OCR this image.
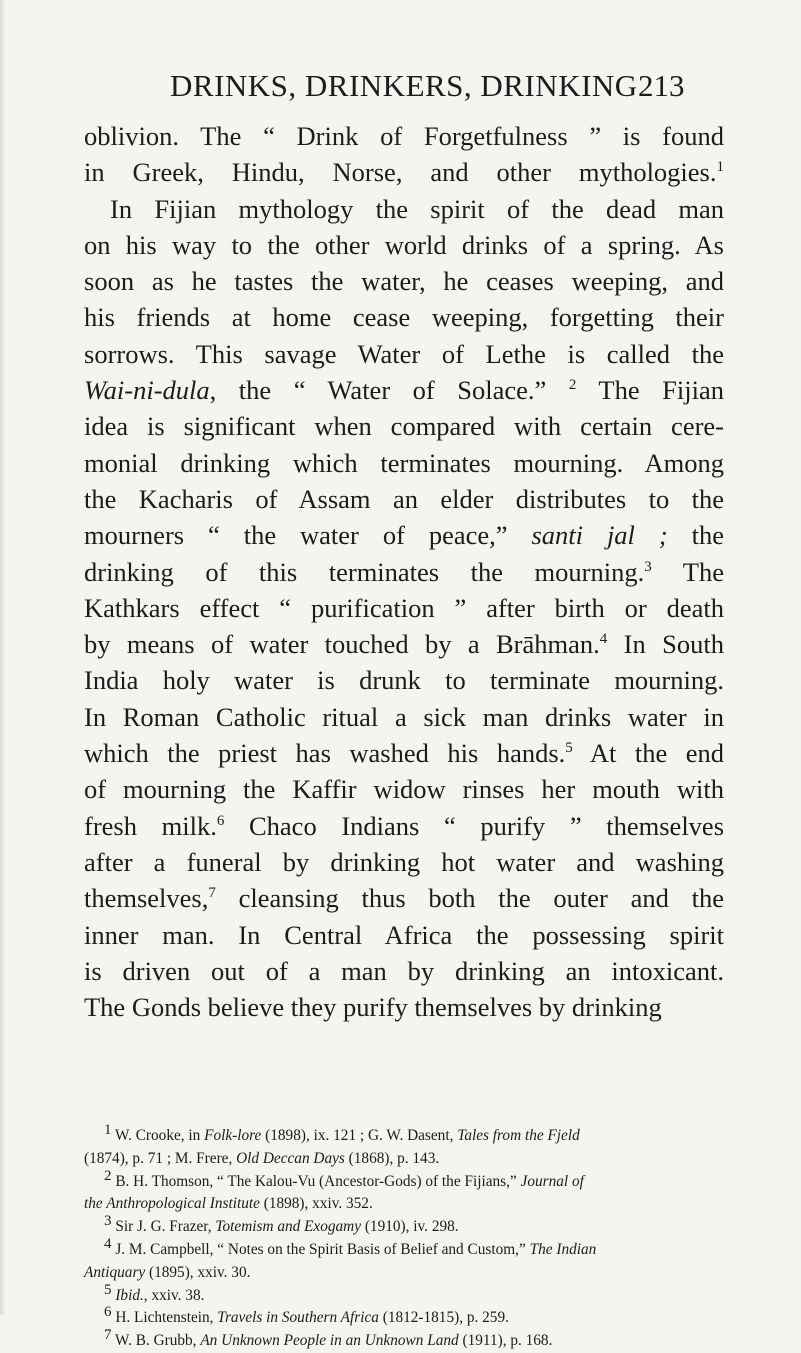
DRINKS, DRINKERS, DRINKING 213
oblivion. The “ Drink of Forgetfulness ” is found
in Greek, Hindu, Norse, and other mythologies.$^1$
In Fijian mythology the spirit of the dead man
on his way to the other world drinks of a spring. As
soon as he tastes the water, he ceases weeping, and
his friends at home cease weeping, forgetting their
sorrows. This savage Water of Lethe is called the
Wai-ni-dula, the “ Water of Solace.” $^2$ The Fijian
idea is significant when compared with certain cere-
monial drinking which terminates mourning. Among
the Kacharis of Assam an elder distributes to the
mourners “ the water of peace,” santi jal ; the
drinking of this terminates the mourning.$^3$ The
Kathkars effect “ purification ” after birth or death
by means of water touched by a Brāhman.$^4$ In South
India holy water is drunk to terminate mourning.
In Roman Catholic ritual a sick man drinks water in
which the priest has washed his hands.$^5$ At the end
of mourning the Kaffir widow rinses her mouth with
fresh milk.$^6$ Chaco Indians “ purify ” themselves
after a funeral by drinking hot water and washing
themselves,$^7$ cleansing thus both the outer and the
inner man. In Central Africa the possessing spirit
is driven out of a man by drinking an intoxicant.
The Gonds believe they purify themselves by drinking
$^1$ W. Crooke, in Folk-lore (1898), ix. 121 ; G. W. Dasent, Tales from the Fjeld
(1874), p. 71 ; M. Frere, Old Deccan Days (1868), p. 143.
$^2$ B. H. Thomson, “ The Kalou-Vu (Ancestor-Gods) of the Fijians,” Journal of
the Anthropological Institute (1898), xxiv. 352.
$^3$ Sir J. G. Frazer, Totemism and Exogamy (1910), iv. 298.
$^4$ J. M. Campbell, “ Notes on the Spirit Basis of Belief and Custom,” The Indian
Antiquary (1895), xxiv. 30.
$^5$ Ibid., xxiv. 38.
$^6$ H. Lichtenstein, Travels in Southern Africa (1812-1815), p. 259.
$^7$ W. B. Grubb, An Unknown People in an Unknown Land (1911), p. 168.
